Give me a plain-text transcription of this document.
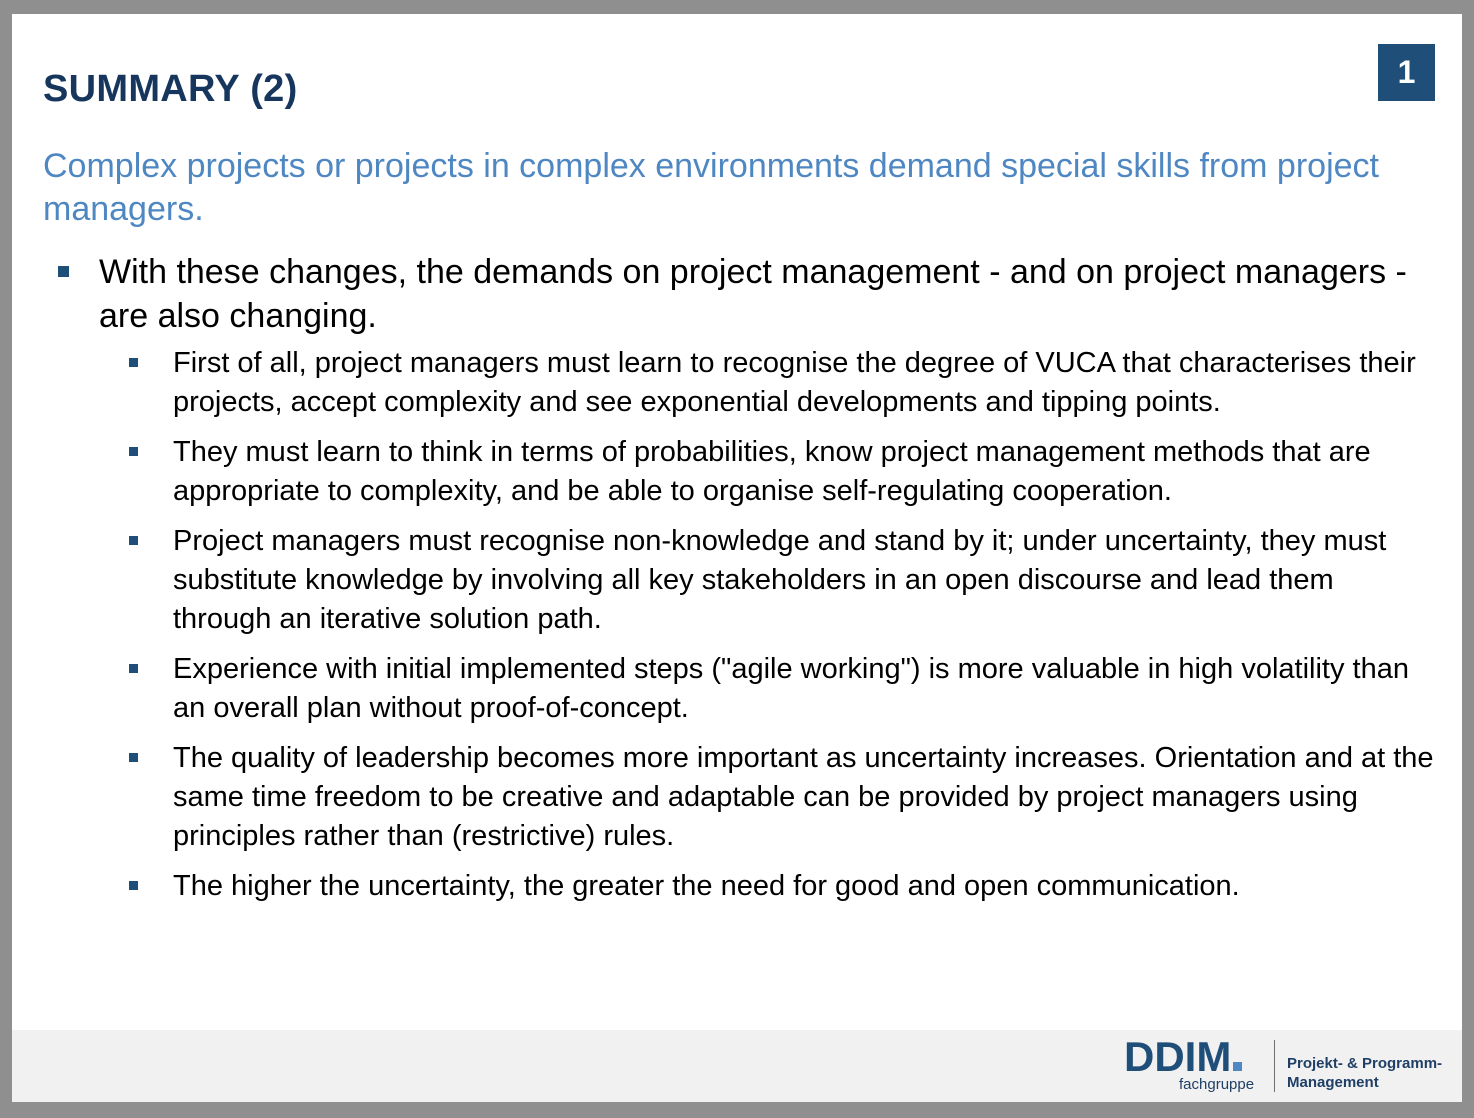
SUMMARY (2)	1

Complex projects or projects in complex environments demand special skills from project managers.

With these changes, the demands on project management - and on project managers - are also changing.
First of all, project managers must learn to recognise the degree of VUCA that characterises their projects, accept complexity and see exponential developments and tipping points.
They must learn to think in terms of probabilities, know project management methods that are appropriate to complexity, and be able to organise self-regulating cooperation.
Project managers must recognise non-knowledge and stand by it; under uncertainty, they must substitute knowledge by involving all key stakeholders in an open discourse and lead them through an iterative solution path.
Experience with initial implemented steps ("agile working") is more valuable in high volatility than an overall plan without proof-of-concept.
The quality of leadership becomes more important as uncertainty increases. Orientation and at the same time freedom to be creative and adaptable can be provided by project managers using principles rather than (restrictive) rules.
The higher the uncertainty, the greater the need for good and open communication.
DDIM
fachgruppe
Projekt- & Programm-
Management
